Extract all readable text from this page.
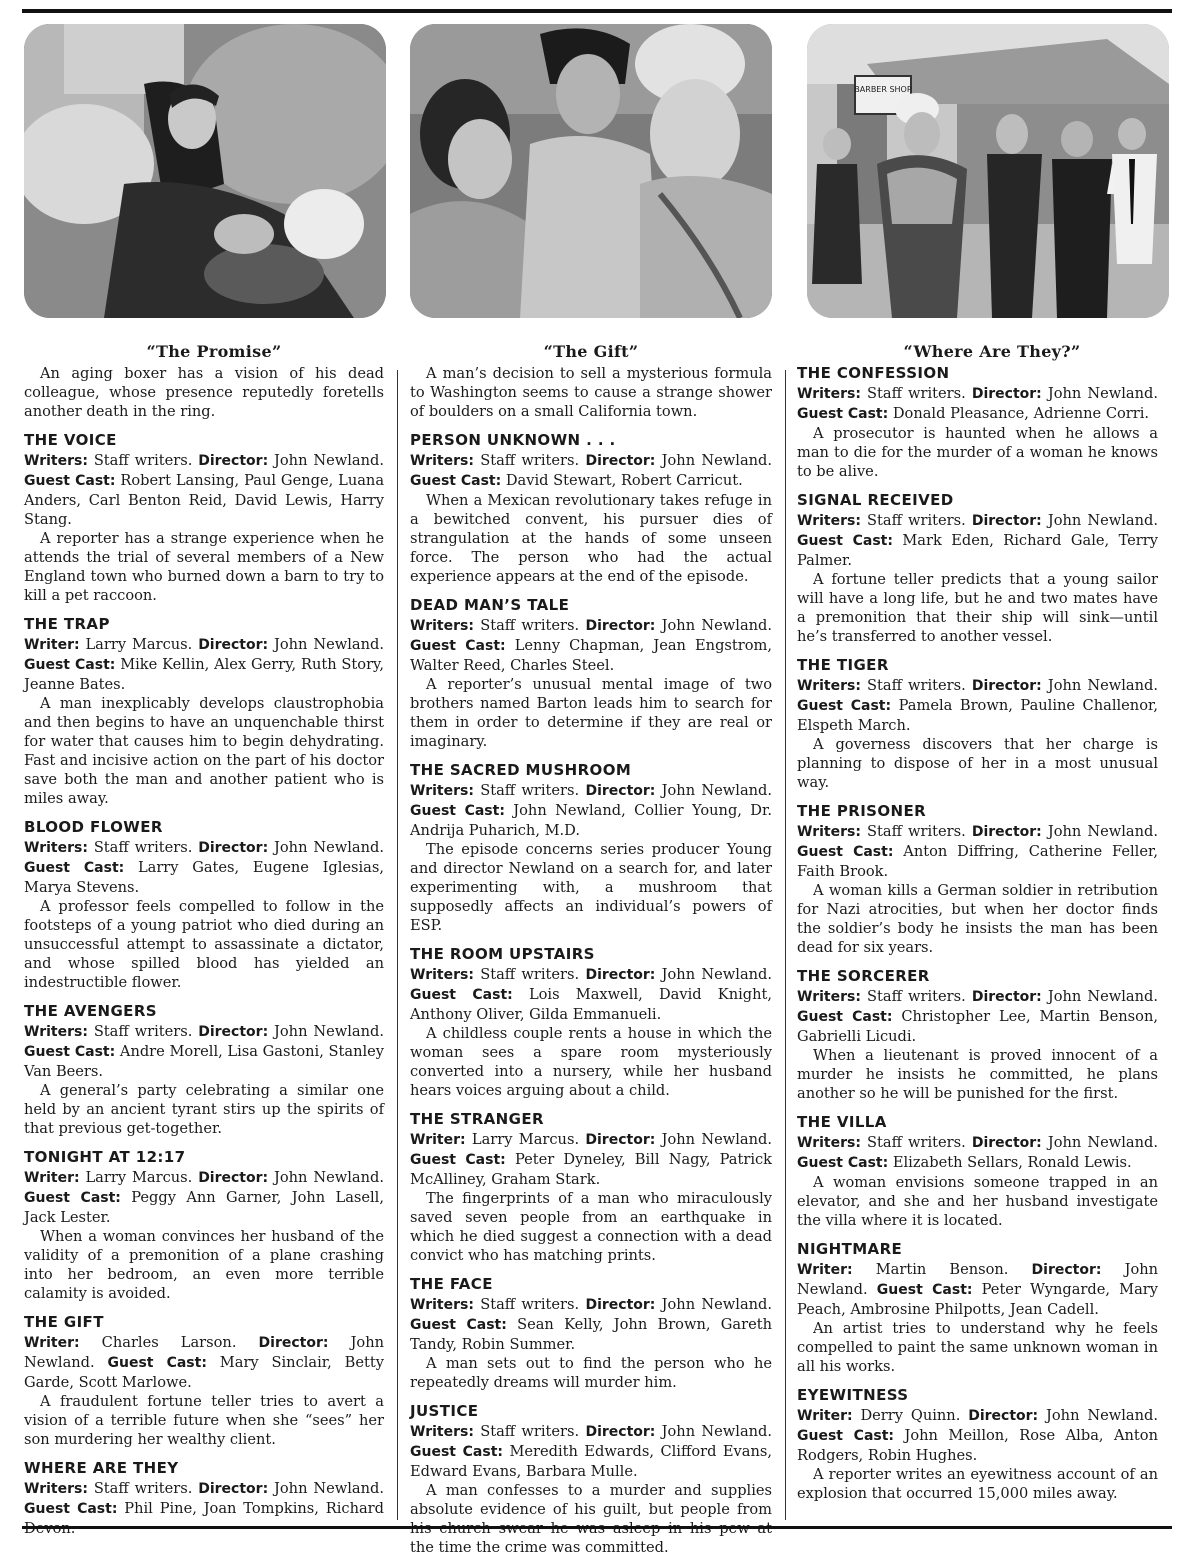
“The Promise”	“The Gift”
BARBER SHOP
“Where Are They?”
An aging boxer has a vision of his dead colleague, whose presence reputedly foretells another death in the ring.
THE VOICE
Writers: Staff writers. Director: John Newland. Guest Cast: Robert Lansing, Paul Genge, Luana Anders, Carl Benton Reid, David Lewis, Harry Stang.
A reporter has a strange experience when he attends the trial of several members of a New England town who burned down a barn to try to kill a pet raccoon.
THE TRAP
Writer: Larry Marcus. Director: John Newland. Guest Cast: Mike Kellin, Alex Gerry, Ruth Story, Jeanne Bates.
A man inexplicably develops claustrophobia and then begins to have an unquenchable thirst for water that causes him to begin dehydrating. Fast and incisive action on the part of his doctor save both the man and another patient who is miles away.
BLOOD FLOWER
Writers: Staff writers. Director: John Newland. Guest Cast: Larry Gates, Eugene Iglesias, Marya Stevens.
A professor feels compelled to follow in the footsteps of a young patriot who died during an unsuccessful attempt to assassinate a dictator, and whose spilled blood has yielded an indestructible flower.
THE AVENGERS
Writers: Staff writers. Director: John Newland. Guest Cast: Andre Morell, Lisa Gastoni, Stanley Van Beers.
A general’s party celebrating a similar one held by an ancient tyrant stirs up the spirits of that previous get-together.
TONIGHT AT 12:17
Writer: Larry Marcus. Director: John Newland. Guest Cast: Peggy Ann Garner, John Lasell, Jack Lester.
When a woman convinces her husband of the validity of a premonition of a plane crashing into her bedroom, an even more terrible calamity is avoided.
THE GIFT
Writer: Charles Larson. Director: John Newland. Guest Cast: Mary Sinclair, Betty Garde, Scott Marlowe.
A fraudulent fortune teller tries to avert a vision of a terrible future when she “sees” her son murdering her wealthy client.
WHERE ARE THEY
Writers: Staff writers. Director: John Newland. Guest Cast: Phil Pine, Joan Tompkins, Richard
A man’s decision to sell a mysterious formula to Washington seems to cause a strange shower of boulders on a small California town.
PERSON UNKNOWN . . .
Writers: Staff writers. Director: John Newland. Guest Cast: David Stewart, Robert Carricut.
When a Mexican revolutionary takes refuge in a bewitched convent, his pursuer dies of strangulation at the hands of some unseen force. The person who had the actual experience appears at the end of the episode.
DEAD MAN’S TALE
Writers: Staff writers. Director: John Newland. Guest Cast: Lenny Chapman, Jean Engstrom, Walter Reed, Charles Steel.
A reporter’s unusual mental image of two brothers named Barton leads him to search for them in order to determine if they are real or imaginary.
THE SACRED MUSHROOM
Writers: Staff writers. Director: John Newland. Guest Cast: John Newland, Collier Young, Dr. Andrija Puharich, M.D.
The episode concerns series producer Young and director Newland on a search for, and later experimenting with, a mushroom that supposedly affects an individual’s powers of ESP.
THE ROOM UPSTAIRS
Writers: Staff writers. Director: John Newland. Guest Cast: Lois Maxwell, David Knight, Anthony Oliver, Gilda Emmanueli.
A childless couple rents a house in which the woman sees a spare room mysteriously converted into a nursery, while her husband hears voices arguing about a child.
THE STRANGER
Writer: Larry Marcus. Director: John Newland. Guest Cast: Peter Dyneley, Bill Nagy, Patrick McAlliney, Graham Stark.
The fingerprints of a man who miraculously saved seven people from an earthquake in which he died suggest a connection with a dead convict who has matching prints.
THE FACE
Writers: Staff writers. Director: John Newland. Guest Cast: Sean Kelly, John Brown, Gareth Tandy, Robin Summer.
A man sets out to find the person who he repeatedly dreams will murder him.
JUSTICE
Writers: Staff writers. Director: John Newland. Guest Cast: Meredith Edwards, Clifford Evans, Edward Evans, Barbara Mulle.
A man confesses to a murder and supplies absolute evidence of his guilt, but people from the time the crime was committed.
THE CONFESSION
Writers: Staff writers. Director: John Newland. Guest Cast: Donald Pleasance, Adrienne Corri.
A prosecutor is haunted when he allows a man to die for the murder of a woman he knows to be alive.
SIGNAL RECEIVED
Writers: Staff writers. Director: John Newland. Guest Cast: Mark Eden, Richard Gale, Terry Palmer.
A fortune teller predicts that a young sailor will have a long life, but he and two mates have a premonition that their ship will sink—until he’s transferred to another vessel.
THE TIGER
Writers: Staff writers. Director: John Newland. Guest Cast: Pamela Brown, Pauline Challenor, Elspeth March.
A governess discovers that her charge is planning to dispose of her in a most unusual way.
THE PRISONER
Writers: Staff writers. Director: John Newland. Guest Cast: Anton Diffring, Catherine Feller, Faith Brook.
A woman kills a German soldier in retribution for Nazi atrocities, but when her doctor finds the soldier’s body he insists the man has been dead for six years.
THE SORCERER
Writers: Staff writers. Director: John Newland. Guest Cast: Christopher Lee, Martin Benson, Gabrielli Licudi.
When a lieutenant is proved innocent of a murder he insists he committed, he plans another so he will be punished for the first.
THE VILLA
Writers: Staff writers. Director: John Newland. Guest Cast: Elizabeth Sellars, Ronald Lewis.
A woman envisions someone trapped in an elevator, and she and her husband investigate the villa where it is located.
NIGHTMARE
Writer: Martin Benson. Director: John Newland. Guest Cast: Peter Wyngarde, Mary Peach, Ambrosine Philpotts, Jean Cadell.
An artist tries to understand why he feels compelled to paint the same unknown woman in all his works.
EYEWITNESS
Writer: Derry Quinn. Director: John Newland. Guest Cast: John Meillon, Rose Alba, Anton Rodgers, Robin Hughes.
A reporter writes an eyewitness account of an explosion that occurred 15,000 miles away.
